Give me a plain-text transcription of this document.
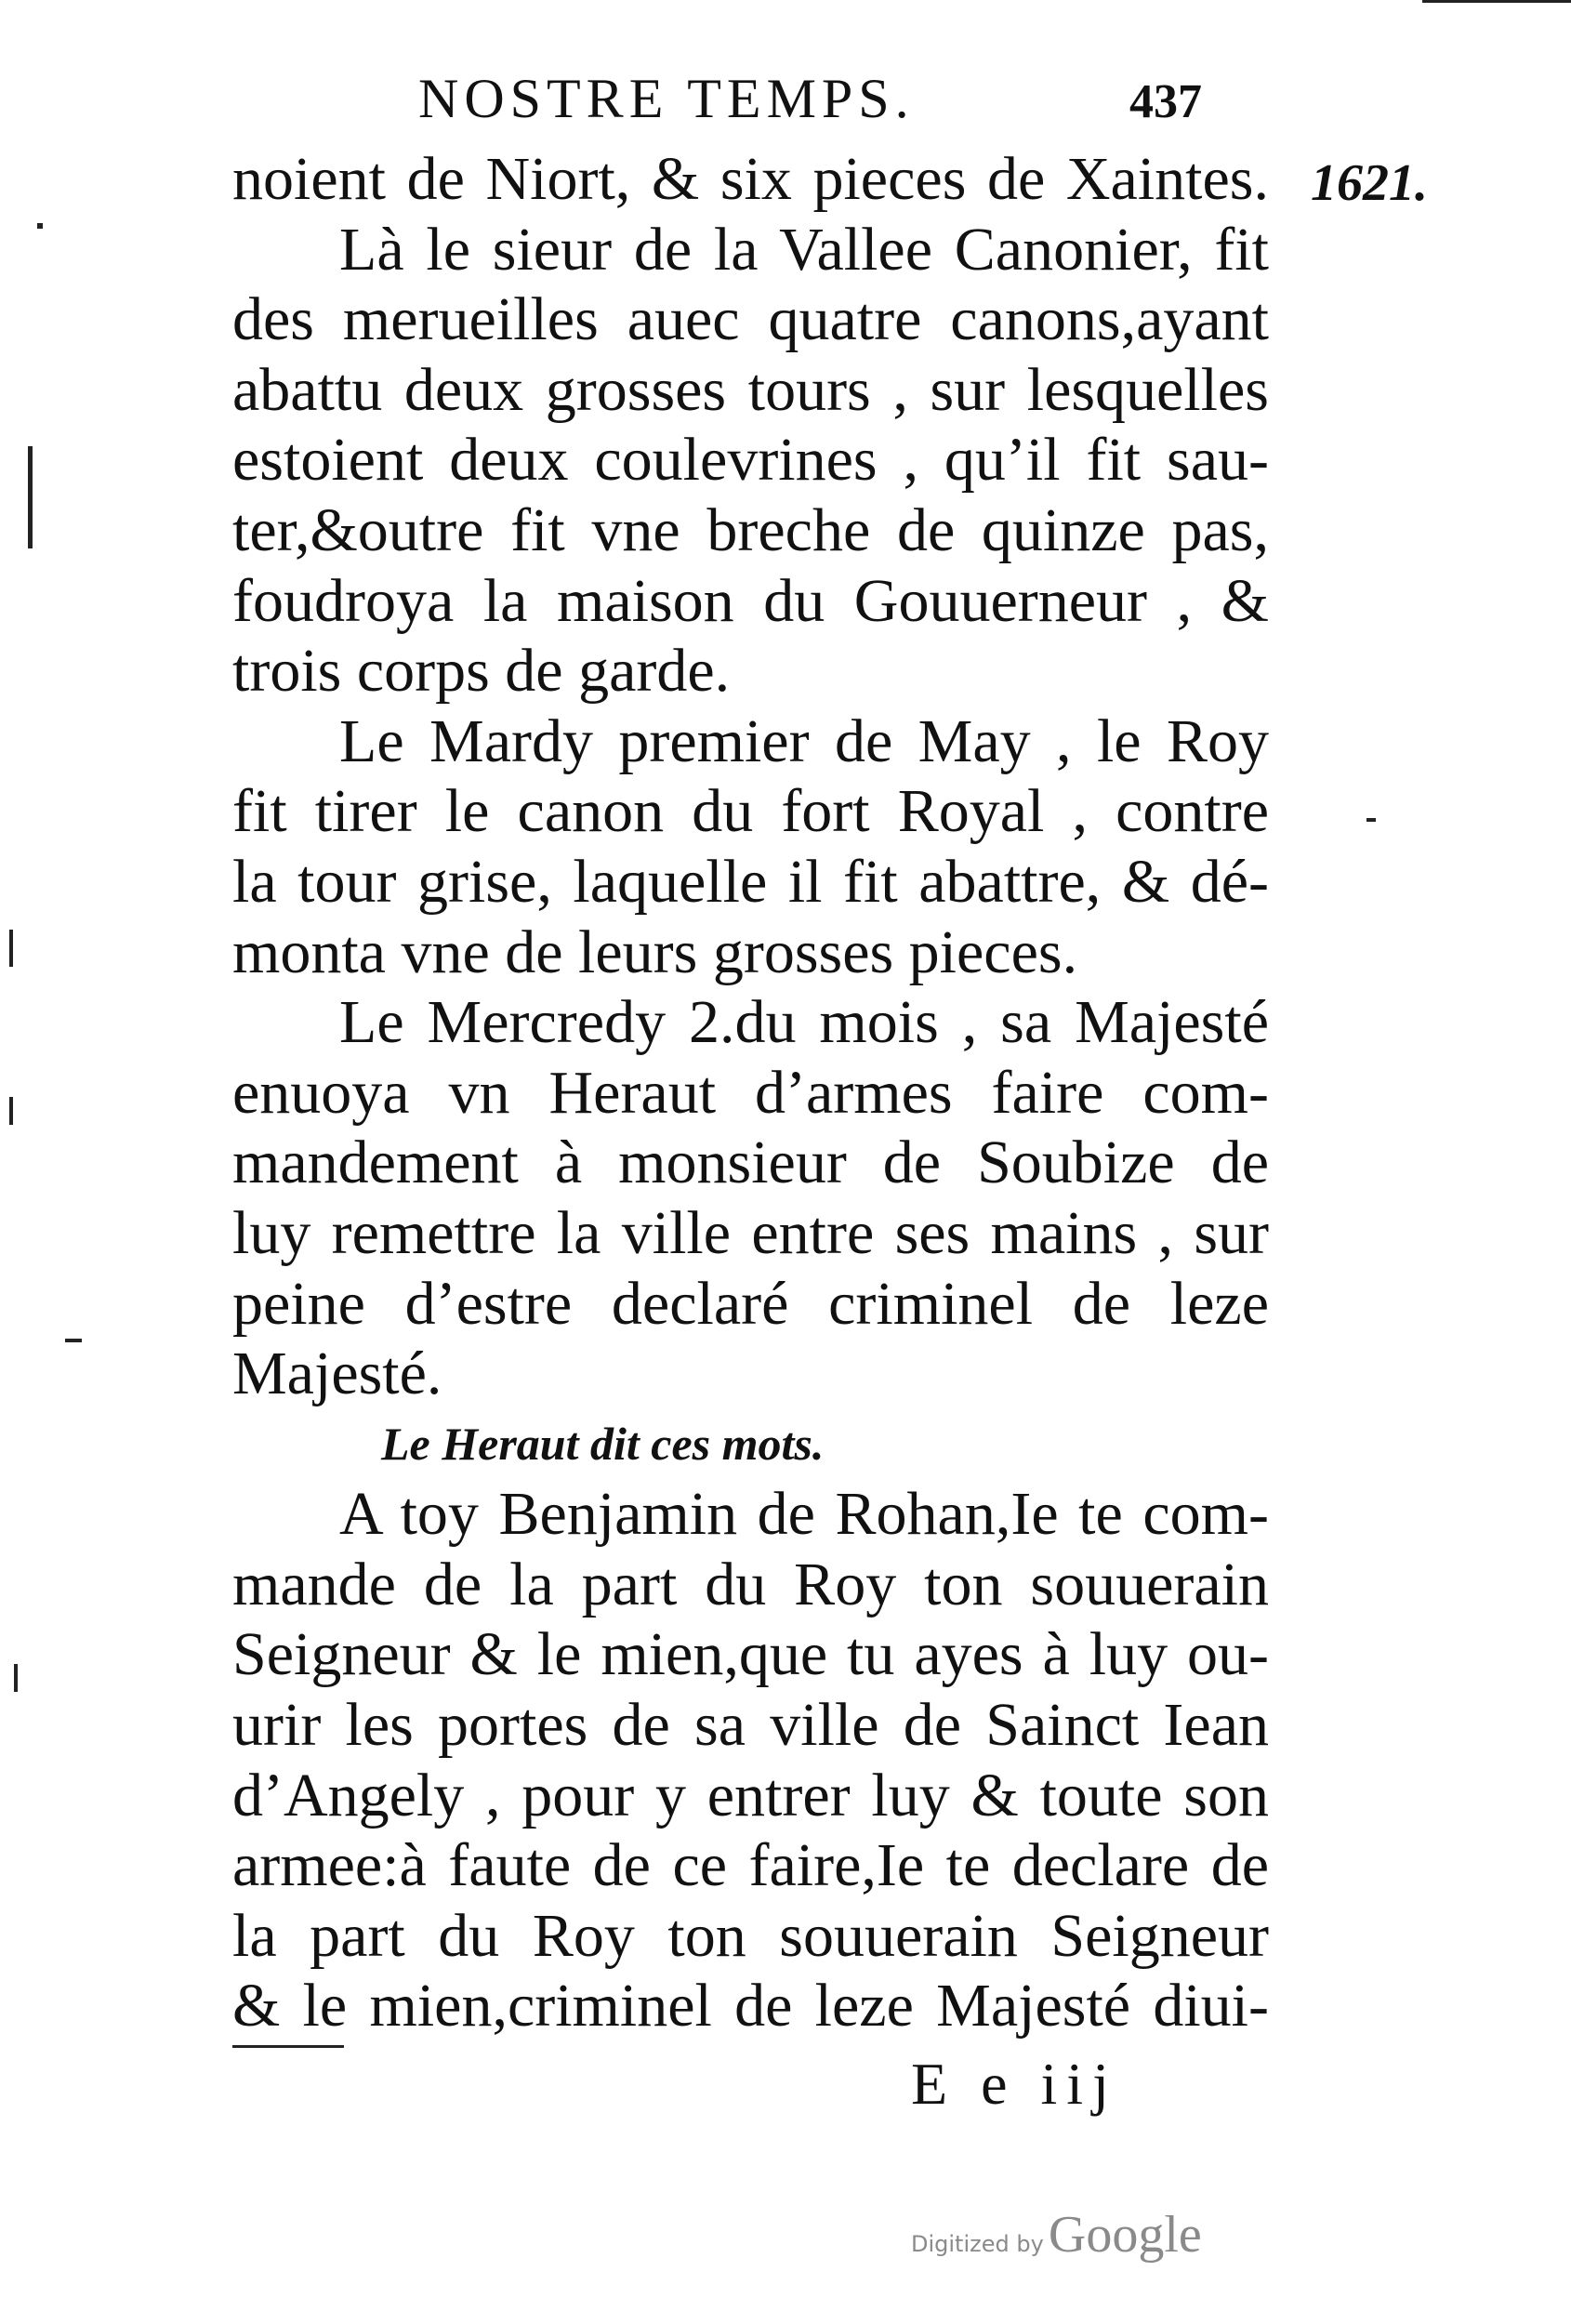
NOSTRE TEMPS.	437
1621.
noient de Niort, & six pieces de Xaintes.
Là le sieur de la Vallee Canonier, fit
des merueilles auec quatre canons,ayant
abattu deux grosses tours , sur lesquelles
estoient deux coulevrines , qu’il fit sau-
ter,&outre fit vne breche de quinze pas,
foudroya la maison du Gouuerneur , &
trois corps de garde.
Le Mardy premier de May , le Roy
fit tirer le canon du fort Royal , contre
la tour grise, laquelle il fit abattre, & dé-
monta vne de leurs grosses pieces.
Le Mercredy 2.du mois , sa Majesté
enuoya vn Heraut d’armes faire com-
mandement à monsieur de Soubize de
luy remettre la ville entre ses mains , sur
peine d’estre declaré criminel de leze
Majesté.
Le Heraut dit ces mots.
A toy Benjamin de Rohan,Ie te com-
mande de la part du Roy ton souuerain
Seigneur & le mien,que tu ayes à luy ou-
urir les portes de sa ville de Sainct Iean
d’Angely , pour y entrer luy & toute son
armee:à faute de ce faire,Ie te declare de
la part du Roy ton souuerain Seigneur
& le mien,criminel de leze Majesté diui-
E e iij
Digitized by Google
